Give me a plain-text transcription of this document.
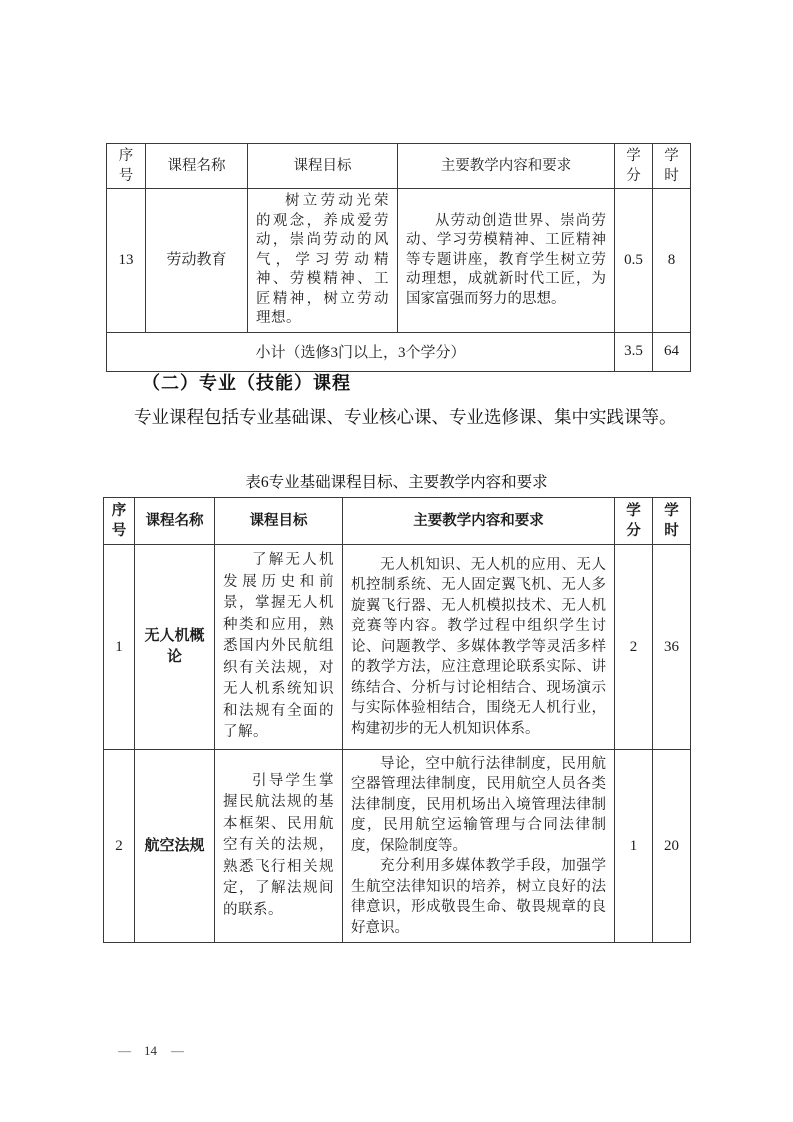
序号	课程名称	课程目标	主要教学内容和要求	学分	学时
13	劳动教育	树立劳动光荣的观念，养成爱劳动，崇尚劳动的风气，学习劳动精神、劳模精神、工匠精神，树立劳动理想。	从劳动创造世界、崇尚劳动、学习劳模精神、工匠精神等专题讲座，教育学生树立劳动理想，成就新时代工匠，为国家富强而努力的思想。	0.5	8
小计（选修3门以上，3个学分）				3.5	64
（二）专业（技能）课程

专业课程包括专业基础课、专业核心课、专业选修课、集中实践课等。

表6专业基础课程目标、主要教学内容和要求
序号	课程名称	课程目标	主要教学内容和要求	学分	学时
1	无人机概论	了解无人机发展历史和前景，掌握无人机种类和应用，熟悉国内外民航组织有关法规，对无人机系统知识和法规有全面的了解。	无人机知识、无人机的应用、无人机控制系统、无人固定翼飞机、无人多旋翼飞行器、无人机模拟技术、无人机竞赛等内容。教学过程中组织学生讨论、问题教学、多媒体教学等灵活多样的教学方法，应注意理论联系实际、讲练结合、分析与讨论相结合、现场演示与实际体验相结合，围绕无人机行业，构建初步的无人机知识体系。	2	36
2	航空法规	引导学生掌握民航法规的基本框架、民用航空有关的法规，熟悉飞行相关规定，了解法规间的联系。	导论，空中航行法律制度，民用航空器管理法律制度，民用航空人员各类法律制度，民用机场出入境管理法律制度，民用航空运输管理与合同法律制度，保险制度等。

充分利用多媒体教学手段，加强学生航空法律知识的培养，树立良好的法律意识，形成敬畏生命、敬畏规章的良好意识。	1	20
— 14 —
